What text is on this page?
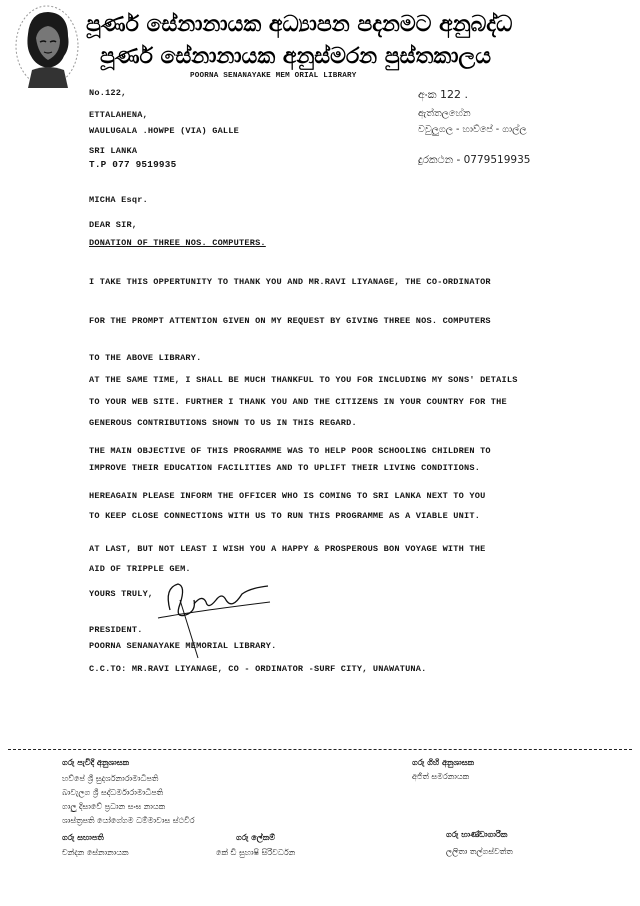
පූර්ණ සේනානායක අධ්‍යාපන පදනමට අනුබද්ධ
පූර්ණ සේනානායක අනුස්මරන පුස්තකාලය
POORNA SENANAYAKE MEM ORIAL LIBRARY
No.122,
ETTALAHENA,
WAULUGALA .HOWPE (VIA) GALLE
SRI LANKA
T.P 077 9519935
අංක 122 .
ඇත්තලහේන
වවුලුගල - හාව්පේ - ගාල්ල
දුරකථන - 0779519935
MICHA Esqr.
DEAR SIR,
DONATION OF THREE NOS. COMPUTERS.
I TAKE THIS OPPERTUNITY TO THANK YOU AND MR.RAVI LIYANAGE, THE CO-ORDINATOR
FOR THE PROMPT ATTENTION GIVEN ON MY REQUEST BY GIVING THREE NOS. COMPUTERS
TO THE ABOVE LIBRARY.
AT THE SAME TIME, I SHALL BE MUCH THANKFUL TO YOU FOR INCLUDING MY SONS' DETAILS
TO YOUR WEB SITE. FURTHER I THANK YOU AND THE CITIZENS IN YOUR COUNTRY FOR THE
GENEROUS CONTRIBUTIONS SHOWN TO US IN THIS REGARD.
THE MAIN OBJECTIVE OF THIS PROGRAMME WAS TO HELP POOR SCHOOLING CHILDREN TO
IMPROVE THEIR EDUCATION FACILITIES AND TO UPLIFT THEIR LIVING CONDITIONS.
HEREAGAIN PLEASE INFORM THE OFFICER WHO IS COMING TO SRI LANKA NEXT TO YOU
TO KEEP CLOSE CONNECTIONS WITH US TO RUN THIS PROGRAMME AS A VIABLE UNIT.
AT LAST, BUT NOT LEAST I WISH YOU A HAPPY & PROSPEROUS BON VOYAGE WITH THE
AID OF TRIPPLE GEM.
YOURS TRULY,
PRESIDENT.
POORNA SENANAYAKE MEMORIAL LIBRARY.
C.C.TO: MR.RAVI LIYANAGE, CO - ORDINATOR -SURF CITY, UNAWATUNA.
ගරු පැවිදි අනුශාසක
හව්පේ ශ්‍රී සුදර්ශනාරාමාධිපති
බාවැලග ශ්‍රී සද්ධර්මාරාමාධිපති
ගාලු දිසාවේ ප්‍රධාන සංඝ නායක
ශාස්ත්‍රපති යෝගේගම ධම්මාවාස ස්ථවිර
ගරු ගිහි අනුශාසක
අජිත් සමරනායක
ගරු සභාපති
චන්දන සේනානායක
ගරු ලේකම්
කේ ඩී සුහාෂි සිරිවර්ධන
ගරු භාණ්ඩාගාරික
ලලිතා තල්ගස්වත්ත
